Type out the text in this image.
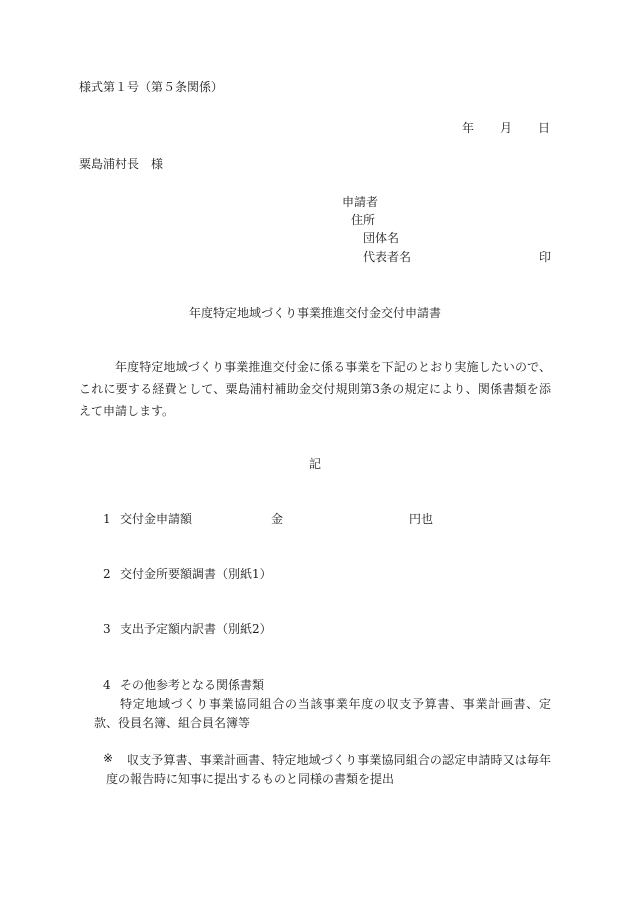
様式第１号（第５条関係）
年 月 日
粟島浦村長 様
申請者
住所
団体名
代表者名	印
年度特定地域づくり事業推進交付金交付申請書
年度特定地域づくり事業推進交付金に係る事業を下記のとおり実施したいので、これに要する経費として、粟島浦村補助金交付規則第3条の規定により、関係書類を添えて申請します。
記
1 交付金申請額	金	円也
2 交付金所要額調書（別紙1）
3 支出予定額内訳書（別紙2）
4 その他参考となる関係書類
特定地域づくり事業協同組合の当該事業年度の収支予算書、事業計画書、定款、役員名簿、組合員名簿等
※	収支予算書、事業計画書、特定地域づくり事業協同組合の認定申請時又は毎年度の報告時に知事に提出するものと同様の書類を提出
